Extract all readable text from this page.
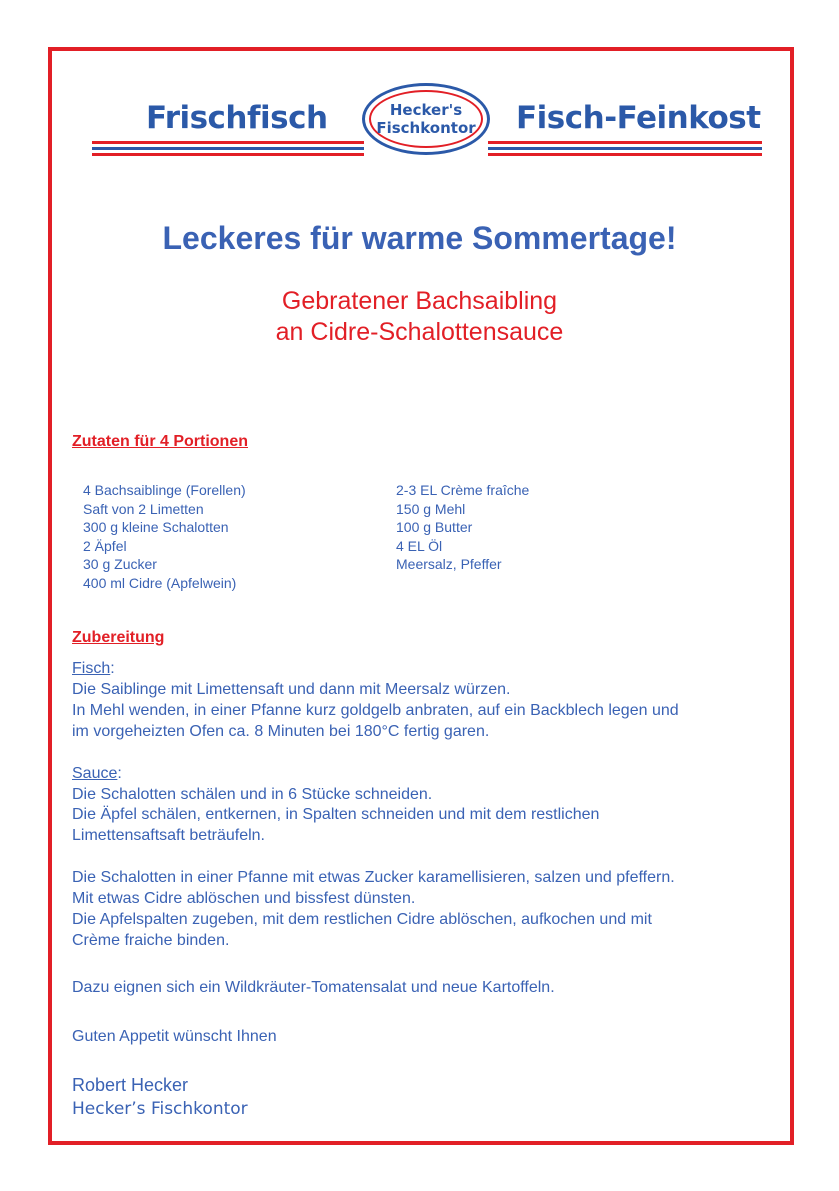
Frischfisch	Fisch-Feinkost
Hecker's
Fischkontor
Leckeres für warme Sommertage!
Gebratener Bachsaibling
an Cidre-Schalottensauce
Zutaten für 4 Portionen
4 Bachsaiblinge (Forellen)
Saft von 2 Limetten
300 g kleine Schalotten
2 Äpfel
30 g Zucker
400 ml Cidre (Apfelwein)
2-3 EL Crème fraîche
150 g Mehl
100 g Butter
4 EL Öl
Meersalz, Pfeffer
Zubereitung
Fisch:
Die Saiblinge mit Limettensaft und dann mit Meersalz würzen.
In Mehl wenden, in einer Pfanne kurz goldgelb anbraten, auf ein Backblech legen und
im vorgeheizten Ofen ca. 8 Minuten bei 180°C fertig garen.
Sauce:
Die Schalotten schälen und in 6 Stücke schneiden.
Die Äpfel schälen, entkernen, in Spalten schneiden und mit dem restlichen
Limettensaftsaft beträufeln.
Die Schalotten in einer Pfanne mit etwas Zucker karamellisieren, salzen und pfeffern.
Mit etwas Cidre ablöschen und bissfest dünsten.
Die Apfelspalten zugeben, mit dem restlichen Cidre ablöschen, aufkochen und mit
Crème fraiche binden.
Dazu eignen sich ein Wildkräuter-Tomatensalat und neue Kartoffeln.
Guten Appetit wünscht Ihnen
Robert Hecker
Hecker’s Fischkontor
